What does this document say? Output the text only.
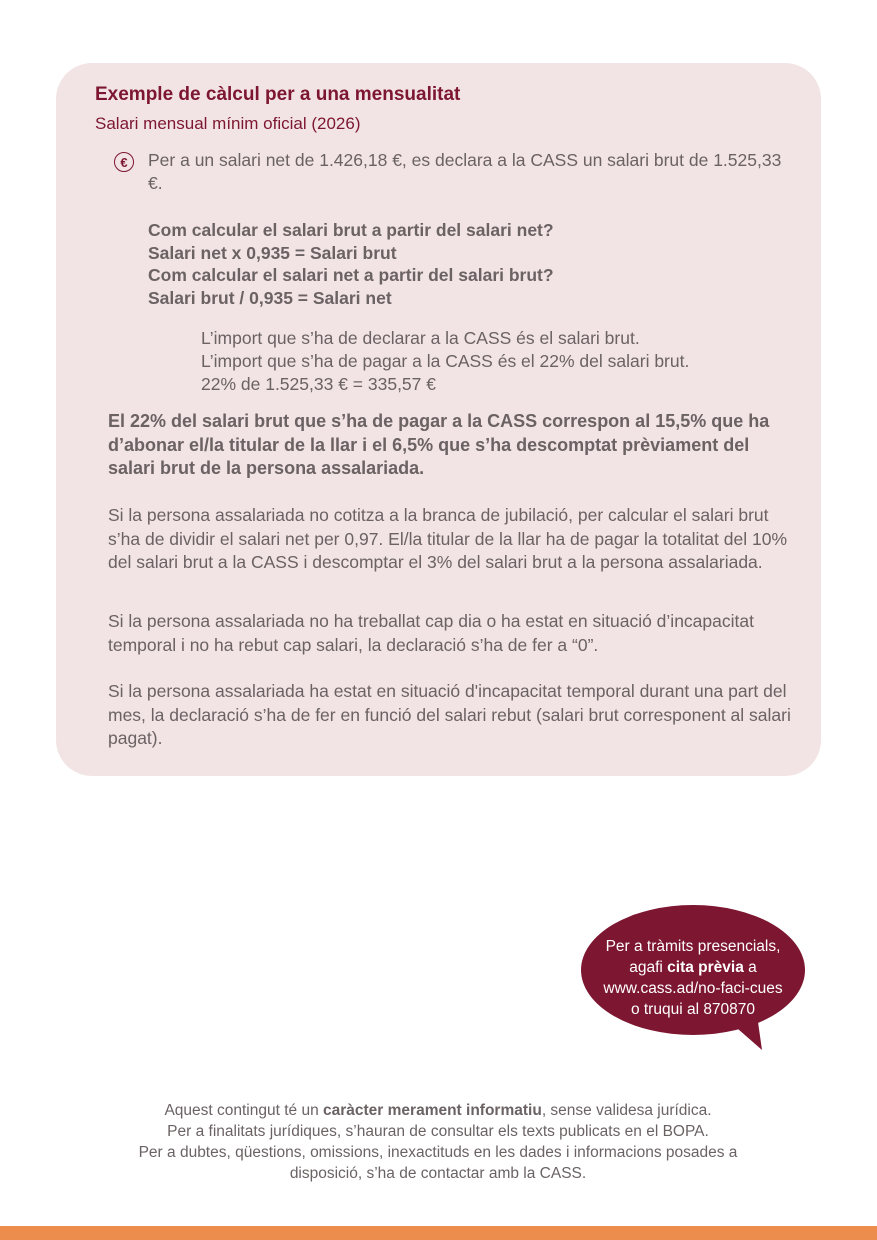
Exemple de càlcul per a una mensualitat
Salari mensual mínim oficial (2026)
€	Per a un salari net de 1.426,18 €, es declara a la CASS un salari brut de 1.525,33 €.

Com calcular el salari brut a partir del salari net?
Salari net x 0,935 = Salari brut
Com calcular el salari net a partir del salari brut?
Salari brut / 0,935 = Salari net
L’import que s’ha de declarar a la CASS és el salari brut.
L’import que s’ha de pagar a la CASS és el 22% del salari brut.
22% de 1.525,33 € = 335,57 €

El 22% del salari brut que s’ha de pagar a la CASS correspon al 15,5% que ha d’abonar el/la titular de la llar i el 6,5% que s’ha descomptat prèviament del salari brut de la persona assalariada.

Si la persona assalariada no cotitza a la branca de jubilació, per calcular el salari brut s’ha de dividir el salari net per 0,97. El/la titular de la llar ha de pagar la totalitat del 10% del salari brut a la CASS i descomptar el 3% del salari brut a la persona assalariada.

Si la persona assalariada no ha treballat cap dia o ha estat en situació d’incapacitat temporal i no ha rebut cap salari, la declaració s’ha de fer a “0”.

Si la persona assalariada ha estat en situació d'incapacitat temporal durant una part del mes, la declaració s’ha de fer en funció del salari rebut (salari brut corresponent al salari pagat).

Per a tràmits presencials,
agafi cita prèvia a
www.cass.ad/no-faci-cues
o truqui al 870870
Aquest contingut té un caràcter merament informatiu, sense validesa jurídica.
Per a finalitats jurídiques, s’hauran de consultar els texts publicats en el BOPA.
Per a dubtes, qüestions, omissions, inexactituds en les dades i informacions posades a
disposició, s’ha de contactar amb la CASS.
